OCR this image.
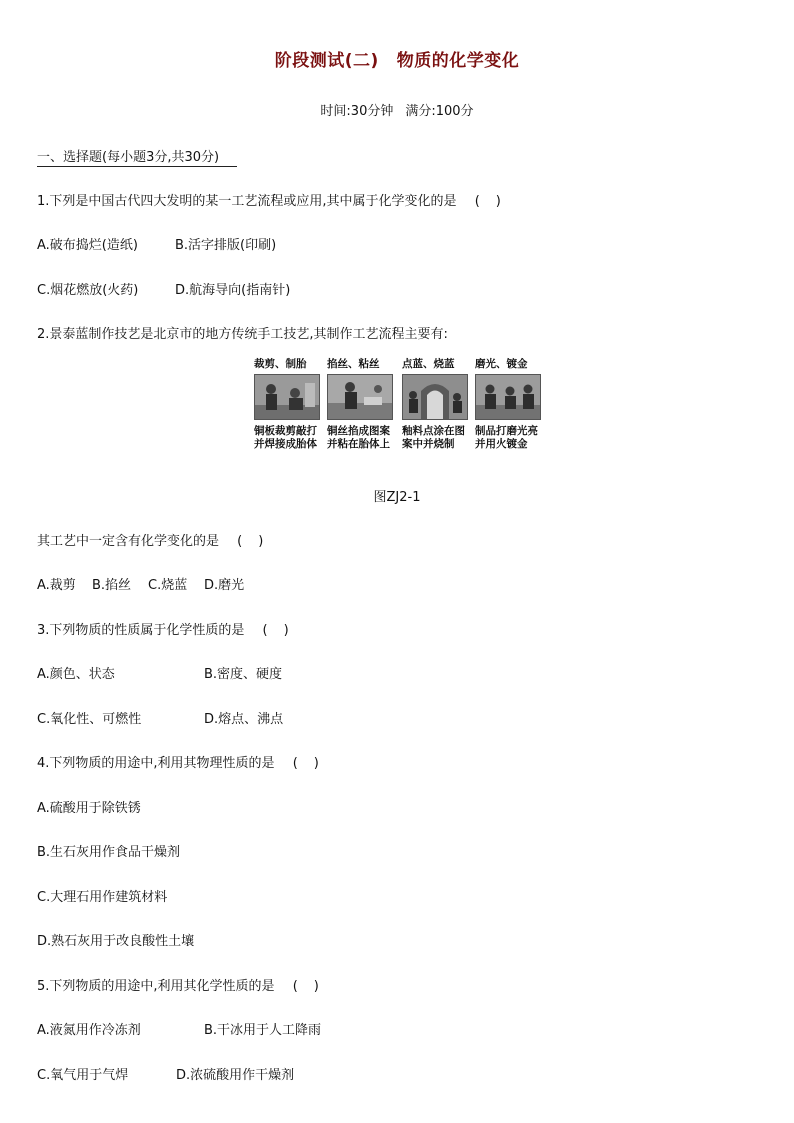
阶段测试(二) 物质的化学变化
时间:30分钟 满分:100分
一、选择题(每小题3分,共30分)
1.下列是中国古代四大发明的某一工艺流程或应用,其中属于化学变化的是 ( )
A.破布捣烂(造纸)	B.活字排版(印刷)
C.烟花燃放(火药)	D.航海导向(指南针)
2.景泰蓝制作技艺是北京市的地方传统手工技艺,其制作工艺流程主要有:
裁剪、制胎
铜板裁剪敲打并焊接成胎体
掐丝、粘丝
铜丝掐成图案并粘在胎体上
点蓝、烧蓝
釉料点涂在图案中并烧制
磨光、镀金
制品打磨光亮并用火镀金
图ZJ2-1
其工艺中一定含有化学变化的是 ( )
A.裁剪 B.掐丝 C.烧蓝 D.磨光
3.下列物质的性质属于化学性质的是 ( )
A.颜色、状态	B.密度、硬度
C.氧化性、可燃性	D.熔点、沸点
4.下列物质的用途中,利用其物理性质的是 ( )
A.硫酸用于除铁锈
B.生石灰用作食品干燥剂
C.大理石用作建筑材料
D.熟石灰用于改良酸性土壤
5.下列物质的用途中,利用其化学性质的是 ( )
A.液氮用作冷冻剂	B.干冰用于人工降雨
C.氧气用于气焊	D.浓硫酸用作干燥剂
